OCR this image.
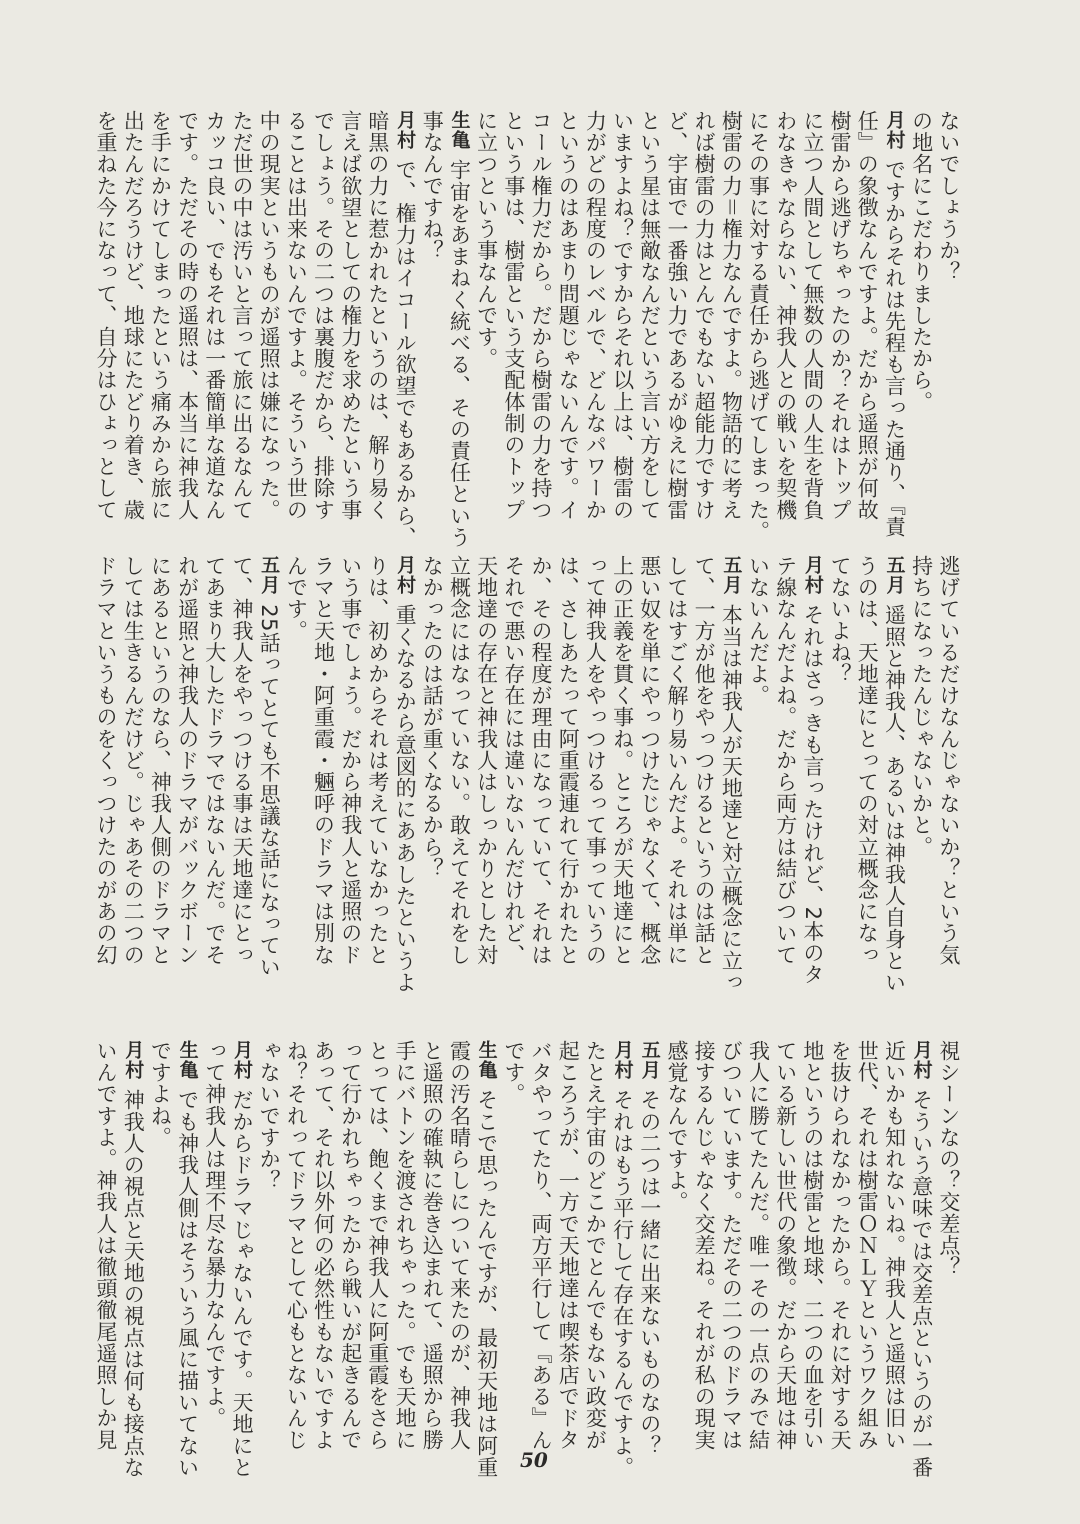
ないでしょうか？
の地名にこだわりましたから。
月村ですからそれは先程も言った通り、『責
任』の象徴なんですよ。だから遥照が何故
樹雷から逃げちゃったのか？それはトップ
に立つ人間として無数の人間の人生を背負
わなきゃならない、神我人との戦いを契機
にその事に対する責任から逃げてしまった。
樹雷の力＝権力なんですよ。物語的に考え
れば樹雷の力はとんでもない超能力ですけ
ど、宇宙で一番強い力であるがゆえに樹雷
という星は無敵なんだという言い方をして
いますよね？ですからそれ以上は、樹雷の
力がどの程度のレベルで、どんなパワーか
というのはあまり問題じゃないんです。イ
コール権力だから。だから樹雷の力を持つ
という事は、樹雷という支配体制のトップ
に立つという事なんです。
生亀宇宙をあまねく統べる、その責任という
事なんですね？
月村で、権力はイコール欲望でもあるから、
暗黒の力に惹かれたというのは、解り易く
言えば欲望としての権力を求めたという事
でしょう。その二つは裏腹だから、排除す
ることは出来ないんですよ。そういう世の
中の現実というものが遥照は嫌になった。
ただ世の中は汚いと言って旅に出るなんて
カッコ良い、でもそれは一番簡単な道なん
です。ただその時の遥照は、本当に神我人
を手にかけてしまったという痛みから旅に
出たんだろうけど、地球にたどり着き、歳
を重ねた今になって、自分はひょっとして
逃げているだけなんじゃないか？という気
持ちになったんじゃないかと。
五月遥照と神我人、あるいは神我人自身とい
うのは、天地達にとっての対立概念になっ
てないよね？
月村それはさっきも言ったけれど、2本のタ
テ線なんだよね。だから両方は結びついて
いないんだよ。
五月本当は神我人が天地達と対立概念に立っ
て、一方が他をやっつけるというのは話と
してはすごく解り易いんだよ。それは単に
悪い奴を単にやっつけたじゃなくて、概念
上の正義を貫く事ね。ところが天地達にと
って神我人をやっつけるって事っていうの
は、さしあたって阿重霞連れて行かれたと
か、その程度が理由になっていて、それは
それで悪い存在には違いないんだけれど、
天地達の存在と神我人はしっかりとした対
立概念にはなっていない。敢えてそれをし
なかったのは話が重くなるから？
月村重くなるから意図的にああしたというよ
りは、初めからそれは考えていなかったと
いう事でしょう。だから神我人と遥照のド
ラマと天地・阿重霞・魎呼のドラマは別な
んです。
五月25話ってとても不思議な話になってい
て、神我人をやっつける事は天地達にとっ
てあまり大したドラマではないんだ。でそ
れが遥照と神我人のドラマがバックボーン
にあるというのなら、神我人側のドラマと
しては生きるんだけど。じゃあその二つの
ドラマというものをくっつけたのがあの幻
視シーンなの？交差点？
月村そういう意味では交差点というのが一番
近いかも知れないね。神我人と遥照は旧い
世代、それは樹雷ＯＮＬＹというワク組み
を抜けられなかったから。それに対する天
地というのは樹雷と地球、二つの血を引い
ている新しい世代の象徴。だから天地は神
我人に勝てたんだ。唯一その一点のみで結
びついています。ただその二つのドラマは
接するんじゃなく交差ね。それが私の現実
感覚なんですよ。
五月その二つは一緒に出来ないものなの？
月村それはもう平行して存在するんですよ。
たとえ宇宙のどこかでとんでもない政変が
起ころうが、一方で天地達は喫茶店でドタ
バタやってたり、両方平行して『ある』ん
です。
生亀そこで思ったんですが、最初天地は阿重
霞の汚名晴らしについて来たのが、神我人
と遥照の確執に巻き込まれて、遥照から勝
手にバトンを渡されちゃった。でも天地に
とっては、飽くまで神我人に阿重霞をさら
って行かれちゃったから戦いが起きるんで
あって、それ以外何の必然性もないですよ
ね？それってドラマとして心もとないんじ
ゃないですか？
月村だからドラマじゃないんです。天地にと
って神我人は理不尽な暴力なんですよ。
生亀でも神我人側はそういう風に描いてない
ですよね。
月村神我人の視点と天地の視点は何も接点な
いんですよ。神我人は徹頭徹尾遥照しか見
50
